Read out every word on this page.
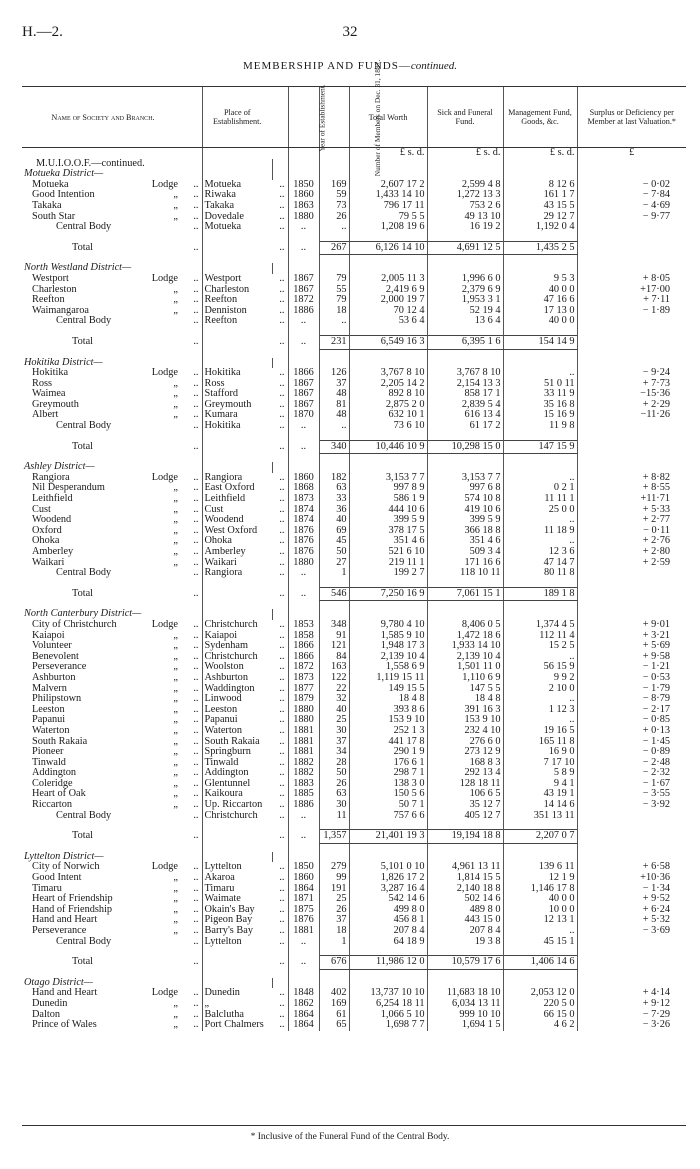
H.—2.	32
MEMBERSHIP AND FUNDS—continued.
Name of Society and Branch.		Place of Establishment.		Year of Establishment.	Number of Members on Dec. 31, 1887.	Total Worth	Sick and Funeral Fund.	Management Fund, Goods, &c.	Surplus or Deficiency per Member at last Valuation.*
						£ s. d.	£ s. d.	£ s. d.	£
M.U.I.O.O.F.—continued.									
Motueka District—									
Motueka Lodge	..	Motueka	..	1850	169	2,607 17 2	2,599 4 8	8 12 6	− 0·02
Good Intention „	..	Riwaka	..	1860	59	1,433 14 10	1,272 13 3	161 1 7	− 7·84
Takaka „	..	Takaka	..	1863	73	796 17 11	753 2 6	43 15 5	− 4·69
South Star „	..	Dovedale	..	1880	26	79 5 5	49 13 10	29 12 7	− 9·77
Central Body	..	Motueka	..	..	..	1,208 19 6	16 19 2	1,192 0 4	

Total	..		..	..	267	6,126 14 10	4,691 12 5	1,435 2 5	

North Westland District—									
Westport Lodge	..	Westport	..	1867	79	2,005 11 3	1,996 6 0	9 5 3	+ 8·05
Charleston „	..	Charleston	..	1867	55	2,419 6 9	2,379 6 9	40 0 0	+17·00
Reefton „	..	Reefton	..	1872	79	2,000 19 7	1,953 3 1	47 16 6	+ 7·11
Waimangaroa „	..	Denniston	..	1886	18	70 12 4	52 19 4	17 13 0	− 1·89
Central Body	..	Reefton	..	..	..	53 6 4	13 6 4	40 0 0	

Total	..		..	..	231	6,549 16 3	6,395 1 6	154 14 9	

Hokitika District—									
Hokitika Lodge	..	Hokitika	..	1866	126	3,767 8 10	3,767 8 10	..	− 9·24
Ross „	..	Ross	..	1867	37	2,205 14 2	2,154 13 3	51 0 11	+ 7·73
Waimea „	..	Stafford	..	1867	48	892 8 10	858 17 1	33 11 9	−15·36
Greymouth „	..	Greymouth	..	1867	81	2,875 2 0	2,839 5 4	35 16 8	+ 2·29
Albert „	..	Kumara	..	1870	48	632 10 1	616 13 4	15 16 9	−11·26
Central Body	..	Hokitika	..	..	..	73 6 10	61 17 2	11 9 8	

Total	..		..	..	340	10,446 10 9	10,298 15 0	147 15 9	

Ashley District—									
Rangiora Lodge	..	Rangiora	..	1860	182	3,153 7 7	3,153 7 7	..	+ 8·82
Nil Desperandum „	..	East Oxford	..	1868	63	997 8 9	997 6 8	0 2 1	+ 8·55
Leithfield „	..	Leithfield	..	1873	33	586 1 9	574 10 8	11 11 1	+11·71
Cust „	..	Cust	..	1874	36	444 10 6	419 10 6	25 0 0	+ 5·33
Woodend „	..	Woodend	..	1874	40	399 5 9	399 5 9	..	+ 2·77
Oxford „	..	West Oxford	..	1876	69	378 17 5	366 18 8	11 18 9	− 0·11
Ohoka „	..	Ohoka	..	1876	45	351 4 6	351 4 6	..	+ 2·76
Amberley „	..	Amberley	..	1876	50	521 6 10	509 3 4	12 3 6	+ 2·80
Waikari „	..	Waikari	..	1880	27	219 11 1	171 16 6	47 14 7	+ 2·59
Central Body	..	Rangiora	..	..	1	199 2 7	118 10 11	80 11 8	

Total	..		..	..	546	7,250 16 9	7,061 15 1	189 1 8	

North Canterbury District—									
City of Christchurch Lodge	..	Christchurch	..	1853	348	9,780 4 10	8,406 0 5	1,374 4 5	+ 9·01
Kaiapoi „	..	Kaiapoi	..	1858	91	1,585 9 10	1,472 18 6	112 11 4	+ 3·21
Volunteer „	..	Sydenham	..	1866	121	1,948 17 3	1,933 14 10	15 2 5	+ 5·69
Benevolent „	..	Christchurch	..	1866	84	2,139 10 4	2,139 10 4	..	+ 9·58
Perseverance „	..	Woolston	..	1872	163	1,558 6 9	1,501 11 0	56 15 9	− 1·21
Ashburton „	..	Ashburton	..	1873	122	1,119 15 11	1,110 6 9	9 9 2	− 0·53
Malvern „	..	Waddington	..	1877	22	149 15 5	147 5 5	2 10 0	− 1·79
Philipstown „	..	Linwood	..	1879	32	18 4 8	18 4 8	..	− 8·79
Leeston „	..	Leeston	..	1880	40	393 8 6	391 16 3	1 12 3	− 2·17
Papanui „	..	Papanui	..	1880	25	153 9 10	153 9 10	..	− 0·85
Waterton „	..	Waterton	..	1881	30	252 1 3	232 4 10	19 16 5	+ 0·13
South Rakaia „	..	South Rakaia	..	1881	37	441 17 8	276 6 0	165 11 8	− 1·45
Pioneer „	..	Springburn	..	1881	34	290 1 9	273 12 9	16 9 0	− 0·89
Tinwald „	..	Tinwald	..	1882	28	176 6 1	168 8 3	7 17 10	− 2·48
Addington „	..	Addington	..	1882	50	298 7 1	292 13 4	5 8 9	− 2·32
Coleridge „	..	Glentunnel	..	1883	26	138 3 0	128 18 11	9 4 1	− 1·67
Heart of Oak „	..	Kaikoura	..	1885	63	150 5 6	106 6 5	43 19 1	− 3·55
Riccarton „	..	Up. Riccarton	..	1886	30	50 7 1	35 12 7	14 14 6	− 3·92
Central Body	..	Christchurch	..	..	11	757 6 6	405 12 7	351 13 11	

Total	..		..	..	1,357	21,401 19 3	19,194 18 8	2,207 0 7	

Lyttelton District—									
City of Norwich Lodge	..	Lyttelton	..	1850	279	5,101 0 10	4,961 13 11	139 6 11	+ 6·58
Good Intent „	..	Akaroa	..	1860	99	1,826 17 2	1,814 15 5	12 1 9	+10·36
Timaru „	..	Timaru	..	1864	191	3,287 16 4	2,140 18 8	1,146 17 8	− 1·34
Heart of Friendship „	..	Waimate	..	1871	25	542 14 6	502 14 6	40 0 0	+ 9·52
Hand of Friendship „	..	Okain's Bay	..	1875	26	499 8 0	489 8 0	10 0 0	+ 6·24
Hand and Heart „	..	Pigeon Bay	..	1876	37	456 8 1	443 15 0	12 13 1	+ 5·32
Perseverance „	..	Barry's Bay	..	1881	18	207 8 4	207 8 4	..	− 3·69
Central Body	..	Lyttelton	..	..	1	64 18 9	19 3 8	45 15 1	

Total	..		..	..	676	11,986 12 0	10,579 17 6	1,406 14 6	

Otago District—									
Hand and Heart Lodge	..	Dunedin	..	1848	402	13,737 10 10	11,683 18 10	2,053 12 0	+ 4·14
Dunedin „	..	„	..	1862	169	6,254 18 11	6,034 13 11	220 5 0	+ 9·12
Dalton „	..	Balclutha	..	1864	61	1,066 5 10	999 10 10	66 15 0	− 7·29
Prince of Wales „	..	Port Chalmers	..	1864	65	1,698 7 7	1,694 1 5	4 6 2	− 3·26
* Inclusive of the Funeral Fund of the Central Body.
